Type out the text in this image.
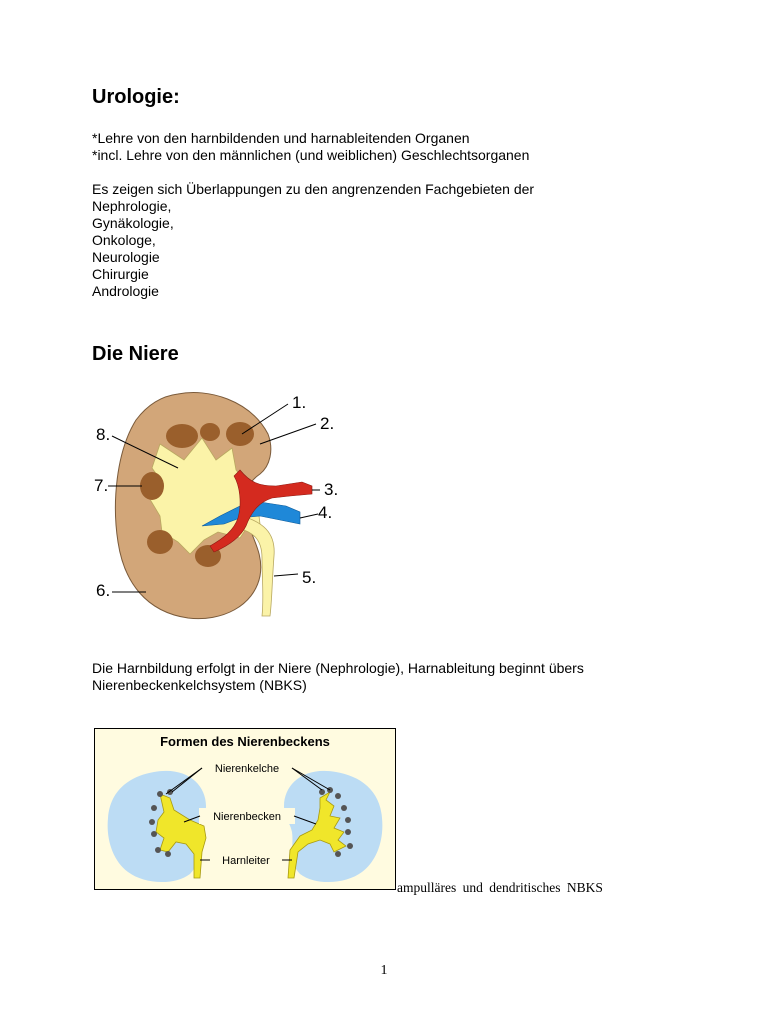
Urologie:
*Lehre von den harnbildenden und harnableitenden Organen
*incl. Lehre von den männlichen (und weiblichen) Geschlechtsorganen
Es zeigen sich Überlappungen zu den angrenzenden Fachgebieten der
Nephrologie,
Gynäkologie,
Onkologe,
Neurologie
Chirurgie
Andrologie
Die Niere
1.
2.
3.
4.
5.
6.
7.
8.
Die Harnbildung erfolgt in der Niere (Nephrologie), Harnableitung beginnt übers
Nierenbeckenkelchsystem (NBKS)
Formen des Nierenbeckens
Nierenkelche
Nierenbecken
Harnleiter
ampulläres und dendritisches NBKS
1
